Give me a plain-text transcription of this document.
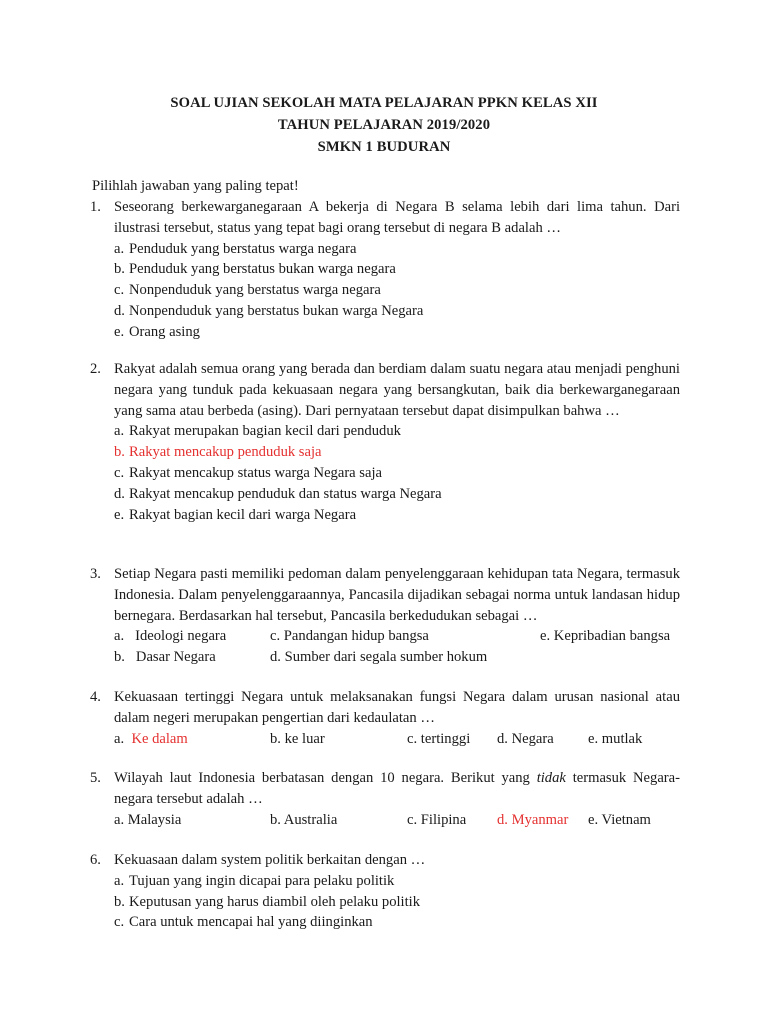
SOAL UJIAN SEKOLAH MATA PELAJARAN PPKN KELAS XII
TAHUN PELAJARAN 2019/2020
SMKN 1 BUDURAN
Pilihlah jawaban yang paling tepat!
1. Seseorang berkewarganegaraan A bekerja di Negara B selama lebih dari lima tahun. Dari ilustrasi tersebut, status yang tepat bagi orang tersebut di negara B adalah …
a. Penduduk yang berstatus warga negara
b. Penduduk yang berstatus bukan warga negara
c. Nonpenduduk yang berstatus warga negara
d. Nonpenduduk yang berstatus bukan warga Negara
e. Orang asing
2. Rakyat adalah semua orang yang berada dan berdiam dalam suatu negara atau menjadi penghuni negara yang tunduk pada kekuasaan negara yang bersangkutan, baik dia berkewarganegaraan yang sama atau berbeda (asing). Dari pernyataan tersebut dapat disimpulkan bahwa …
a. Rakyat merupakan bagian kecil dari penduduk
b. Rakyat mencakup penduduk saja
c. Rakyat mencakup status warga Negara saja
d. Rakyat mencakup penduduk dan status warga Negara
e. Rakyat bagian kecil dari warga Negara
3. Setiap Negara pasti memiliki pedoman dalam penyelenggaraan kehidupan tata Negara, termasuk Indonesia. Dalam penyelenggaraannya, Pancasila dijadikan sebagai norma untuk landasan hidup bernegara. Berdasarkan hal tersebut, Pancasila berkedudukan sebagai …
a. Ideologi negara	c. Pandangan hidup bangsa	e. Kepribadian bangsa
b. Dasar Negara	d. Sumber dari segala sumber hokum
4. Kekuasaan tertinggi Negara untuk melaksanakan fungsi Negara dalam urusan nasional atau dalam negeri merupakan pengertian dari kedaulatan …
a. Ke dalam	b. ke luar	c. tertinggi d. Negara e. mutlak
5. Wilayah laut Indonesia berbatasan dengan 10 negara. Berikut yang tidak termasuk Negara-negara tersebut adalah …
a. Malaysia	b. Australia	c. Filipina d. Myanmar e. Vietnam
6. Kekuasaan dalam system politik berkaitan dengan …
a. Tujuan yang ingin dicapai para pelaku politik
b. Keputusan yang harus diambil oleh pelaku politik
c. Cara untuk mencapai hal yang diinginkan
